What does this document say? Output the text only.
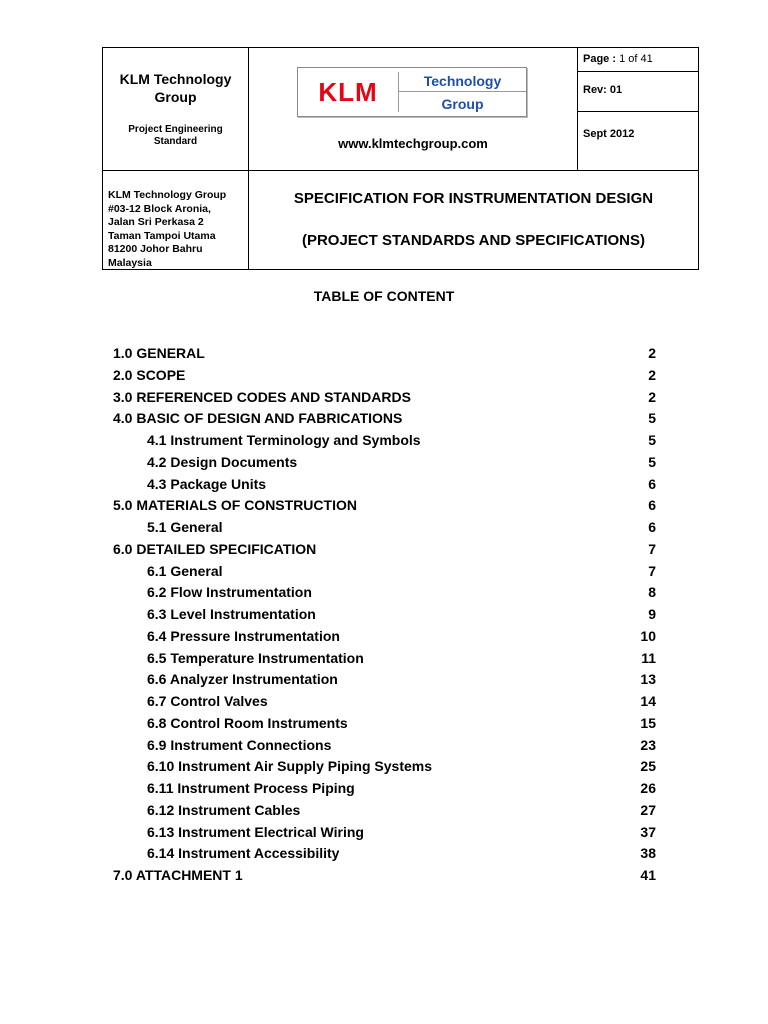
KLM Technology
Group
Project Engineering
Standard
KLM	Technology
Group
www.klmtechgroup.com
Page : 1 of 41
Rev: 01
Sept 2012
KLM Technology Group
#03-12 Block Aronia,
Jalan Sri Perkasa 2
Taman Tampoi Utama
81200 Johor Bahru
Malaysia
SPECIFICATION FOR INSTRUMENTATION DESIGN
(PROJECT STANDARDS AND SPECIFICATIONS)
TABLE OF CONTENT
1.0 GENERAL	2
2.0 SCOPE	2
3.0 REFERENCED CODES AND STANDARDS	2
4.0 BASIC OF DESIGN AND FABRICATIONS	5
4.1 Instrument Terminology and Symbols	5
4.2 Design Documents	5
4.3 Package Units	6
5.0 MATERIALS OF CONSTRUCTION	6
5.1 General	6
6.0 DETAILED SPECIFICATION	7
6.1 General	7
6.2 Flow Instrumentation	8
6.3 Level Instrumentation	9
6.4 Pressure Instrumentation	10
6.5 Temperature Instrumentation	11
6.6 Analyzer Instrumentation	13
6.7 Control Valves	14
6.8 Control Room Instruments	15
6.9 Instrument Connections	23
6.10 Instrument Air Supply Piping Systems	25
6.11 Instrument Process Piping	26
6.12 Instrument Cables	27
6.13 Instrument Electrical Wiring	37
6.14 Instrument Accessibility	38
7.0 ATTACHMENT 1	41
